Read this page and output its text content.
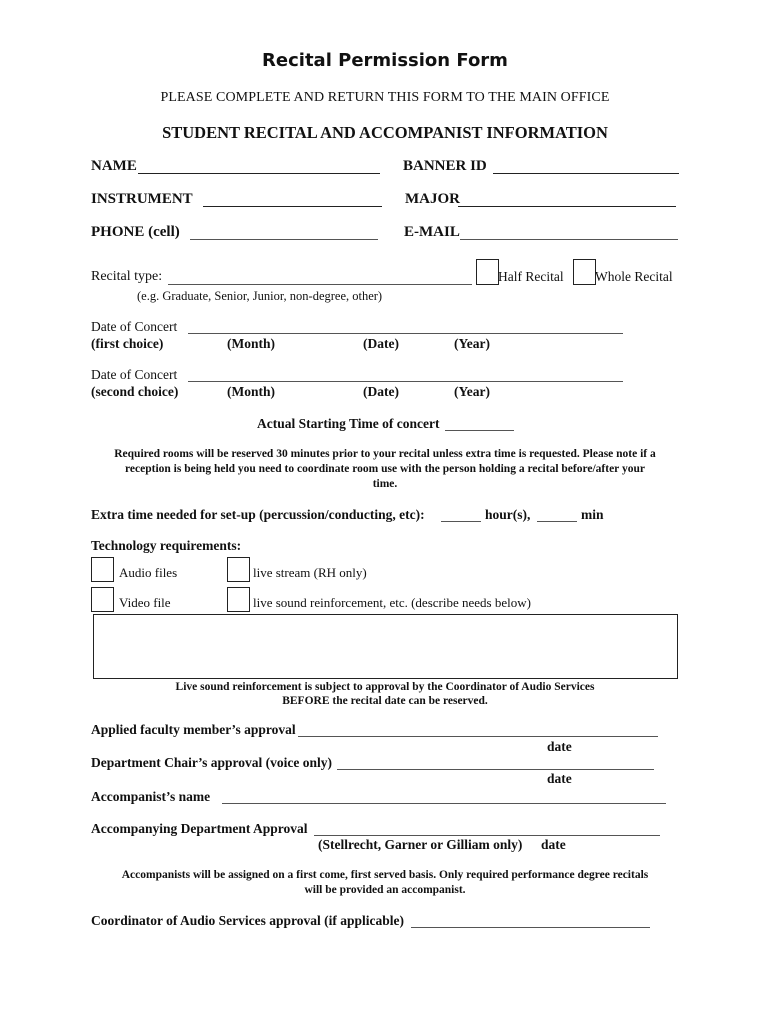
Recital Permission Form
PLEASE COMPLETE AND RETURN THIS FORM TO THE MAIN OFFICE
STUDENT RECITAL AND ACCOMPANIST INFORMATION
NAME	BANNER ID
INSTRUMENT	MAJOR
PHONE (cell)	E-MAIL
Recital type:	Half Recital Whole Recital
(e.g. Graduate, Senior, Junior, non-degree, other)
Date of Concert
(first choice)	(Month)	(Date)	(Year)
Date of Concert
(second choice)	(Month)	(Date)	(Year)
Actual Starting Time of concert
Required rooms will be reserved 30 minutes prior to your recital unless extra time is requested. Please note if a
reception is being held you need to coordinate room use with the person holding a recital before/after your
time.
Extra time needed for set-up (percussion/conducting, etc):	hour(s),	min
Technology requirements:
Audio files	live stream (RH only)
Video file	live sound reinforcement, etc. (describe needs below)
Live sound reinforcement is subject to approval by the Coordinator of Audio Services
BEFORE the recital date can be reserved.
Applied faculty member’s approval
date
Department Chair’s approval (voice only)
date
Accompanist’s name
Accompanying Department Approval
(Stellrecht, Garner or Gilliam only) date
Accompanists will be assigned on a first come, first served basis. Only required performance degree recitals
will be provided an accompanist.
Coordinator of Audio Services approval (if applicable)
